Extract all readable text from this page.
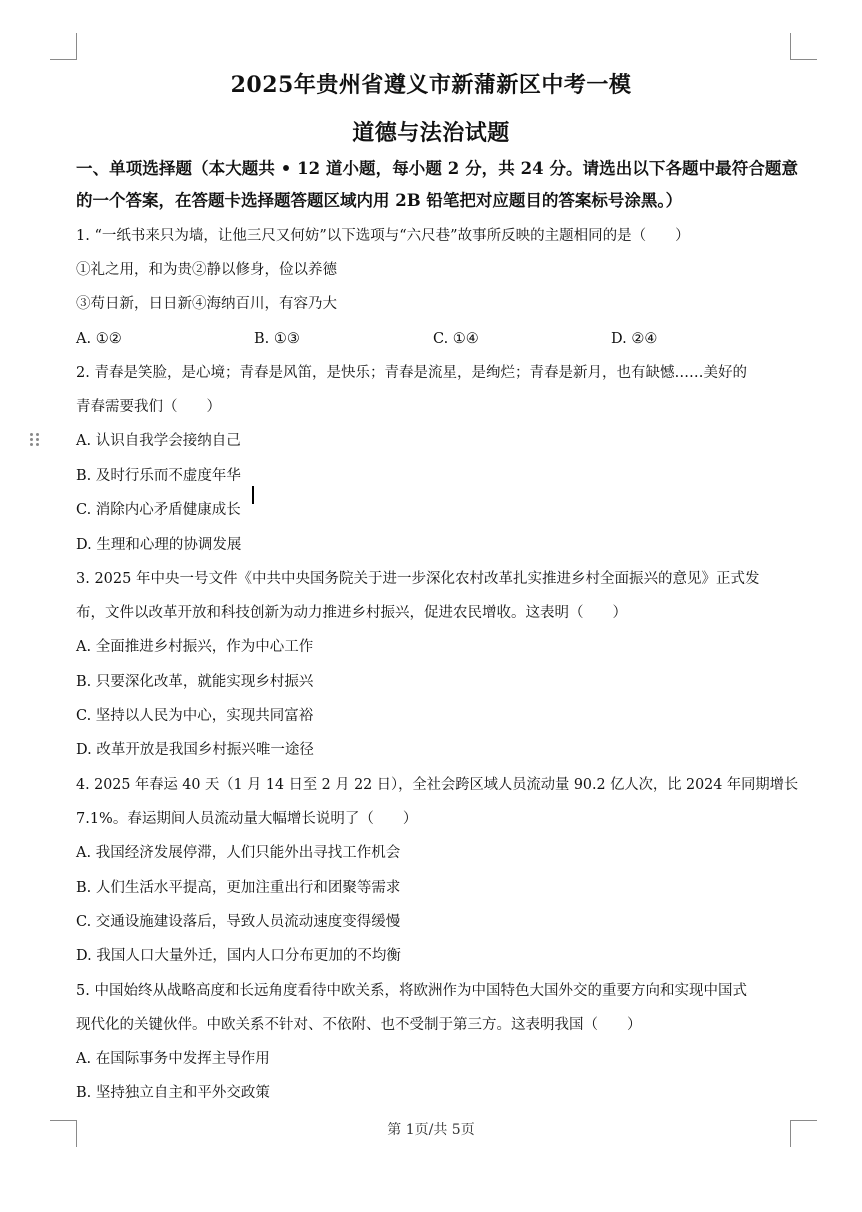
2025年贵州省遵义市新蒲新区中考一模
道德与法治试题
一、单项选择题（本大题共 • 12 道小题，每小题 2 分，共 24 分。请选出以下各题中最符合题意的一个答案，在答题卡选择题答题区域内用 2B 铅笔把对应题目的答案标号涂黑。）
1. “一纸书来只为墙，让他三尺又何妨”以下选项与“六尺巷”故事所反映的主题相同的是（　　）
①礼之用，和为贵②静以修身，俭以养德
③苟日新，日日新④海纳百川，有容乃大
A. ①②	B. ①③	C. ①④	D. ②④
2. 青春是笑脸，是心境；青春是风笛，是快乐；青春是流星，是绚烂；青春是新月，也有缺憾……美好的
青春需要我们（　　）
A. 认识自我学会接纳自己
B. 及时行乐而不虚度年华
C. 消除内心矛盾健康成长
D. 生理和心理的协调发展
3. 2025 年中央一号文件《中共中央国务院关于进一步深化农村改革扎实推进乡村全面振兴的意见》正式发
布，文件以改革开放和科技创新为动力推进乡村振兴，促进农民增收。这表明（　　）
A. 全面推进乡村振兴，作为中心工作
B. 只要深化改革，就能实现乡村振兴
C. 坚持以人民为中心，实现共同富裕
D. 改革开放是我国乡村振兴唯一途径
4. 2025 年春运 40 天（1 月 14 日至 2 月 22 日），全社会跨区域人员流动量 90.2 亿人次，比 2024 年同期增长
7.1%。春运期间人员流动量大幅增长说明了（　　）
A. 我国经济发展停滞，人们只能外出寻找工作机会
B. 人们生活水平提高，更加注重出行和团聚等需求
C. 交通设施建设落后，导致人员流动速度变得缓慢
D. 我国人口大量外迁，国内人口分布更加的不均衡
5. 中国始终从战略高度和长远角度看待中欧关系，将欧洲作为中国特色大国外交的重要方向和实现中国式
现代化的关键伙伴。中欧关系不针对、不依附、也不受制于第三方。这表明我国（　　）
A. 在国际事务中发挥主导作用
B. 坚持独立自主和平外交政策
第 1页/共 5页
